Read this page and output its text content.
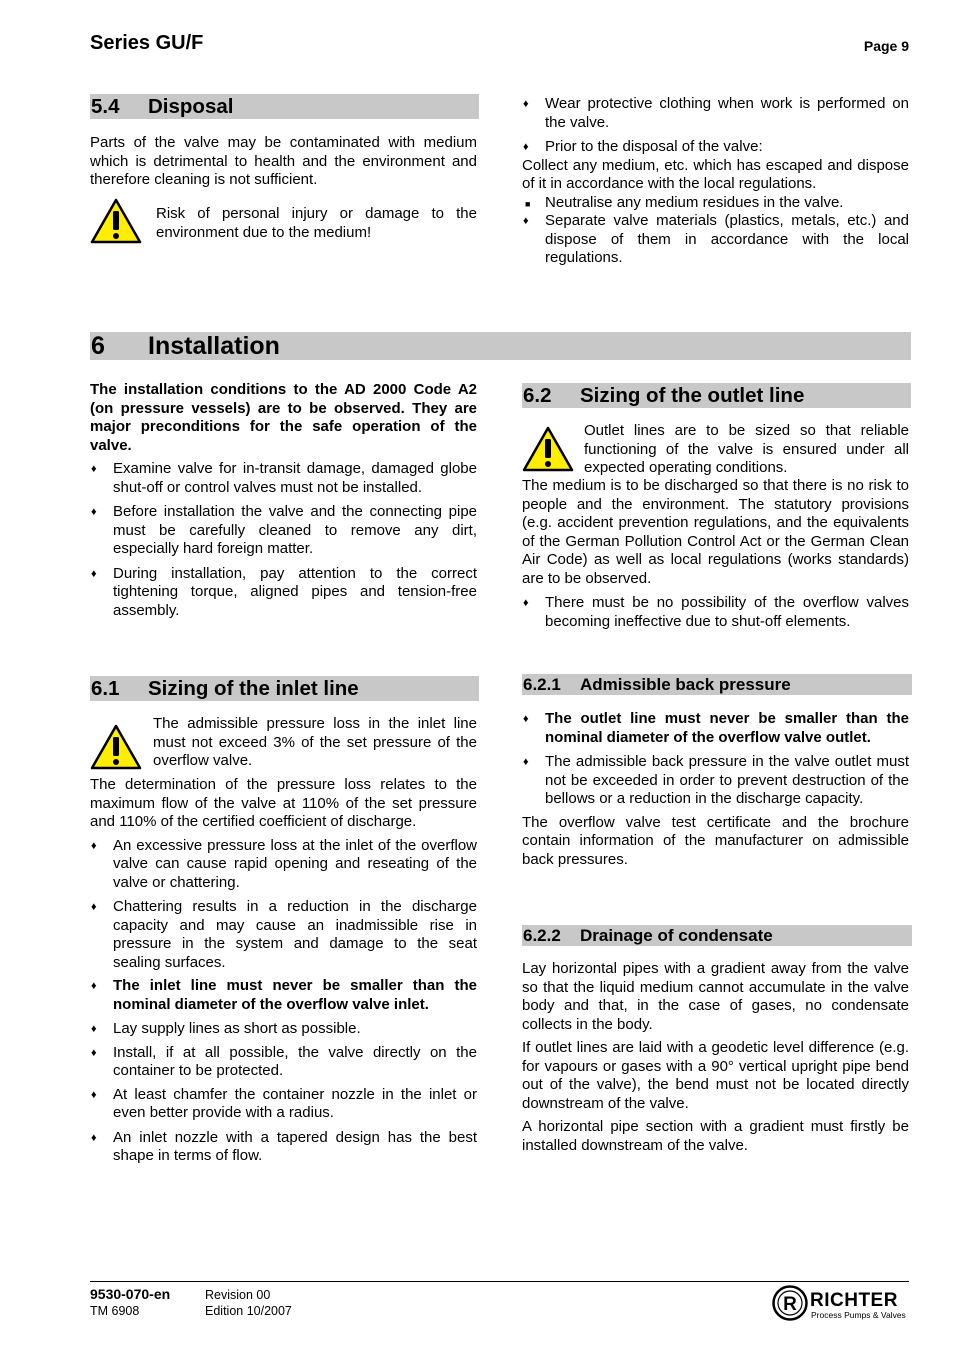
Series GU/F	Page 9
5.4 Disposal
Parts of the valve may be contaminated with medium which is detrimental to health and the environment and therefore cleaning is not sufficient.
Risk of personal injury or damage to the environment due to the medium!
♦ Wear protective clothing when work is performed on the valve.
♦ Prior to the disposal of the valve:
Collect any medium, etc. which has escaped and dispose of it in accordance with the local regulations.
■ Neutralise any medium residues in the valve.
♦ Separate valve materials (plastics, metals, etc.) and dispose of them in accordance with the local regulations.
6 Installation
The installation conditions to the AD 2000 Code A2 (on pressure vessels) are to be observed. They are major preconditions for the safe operation of the valve.
♦ Examine valve for in-transit damage, damaged globe shut-off or control valves must not be installed.
♦ Before installation the valve and the connecting pipe must be carefully cleaned to remove any dirt, especially hard foreign matter.
♦ During installation, pay attention to the correct tightening torque, aligned pipes and tension-free assembly.
6.1 Sizing of the inlet line
The admissible pressure loss in the inlet line must not exceed 3% of the set pressure of the overflow valve.
The determination of the pressure loss relates to the maximum flow of the valve at 110% of the set pressure and 110% of the certified coefficient of discharge.
♦ An excessive pressure loss at the inlet of the overflow valve can cause rapid opening and reseating of the valve or chattering.
♦ Chattering results in a reduction in the discharge capacity and may cause an inadmissible rise in pressure in the system and damage to the seat sealing surfaces.
♦ The inlet line must never be smaller than the nominal diameter of the overflow valve inlet.
♦ Lay supply lines as short as possible.
♦ Install, if at all possible, the valve directly on the container to be protected.
♦ At least chamfer the container nozzle in the inlet or even better provide with a radius.
♦ An inlet nozzle with a tapered design has the best shape in terms of flow.
6.2 Sizing of the outlet line
Outlet lines are to be sized so that reliable functioning of the valve is ensured under all expected operating conditions.
The medium is to be discharged so that there is no risk to people and the environment. The statutory provisions (e.g. accident prevention regulations, and the equivalents of the German Pollution Control Act or the German Clean Air Code) as well as local regulations (works standards) are to be observed.
♦ There must be no possibility of the overflow valves becoming ineffective due to shut-off elements.
6.2.1 Admissible back pressure
♦ The outlet line must never be smaller than the nominal diameter of the overflow valve outlet.
♦ The admissible back pressure in the valve outlet must not be exceeded in order to prevent destruction of the bellows or a reduction in the discharge capacity.
The overflow valve test certificate and the brochure contain information of the manufacturer on admissible back pressures.
6.2.2 Drainage of condensate
Lay horizontal pipes with a gradient away from the valve so that the liquid medium cannot accumulate in the valve body and that, in the case of gases, no condensate collects in the body.
If outlet lines are laid with a geodetic level difference (e.g. for vapours or gases with a 90° vertical upright pipe bend out of the valve), the bend must not be located directly downstream of the valve.
A horizontal pipe section with a gradient must firstly be installed downstream of the valve.
9530-070-en
TM 6908
Revision 00
Edition 10/2007	R RICHTER
Process Pumps & Valves
